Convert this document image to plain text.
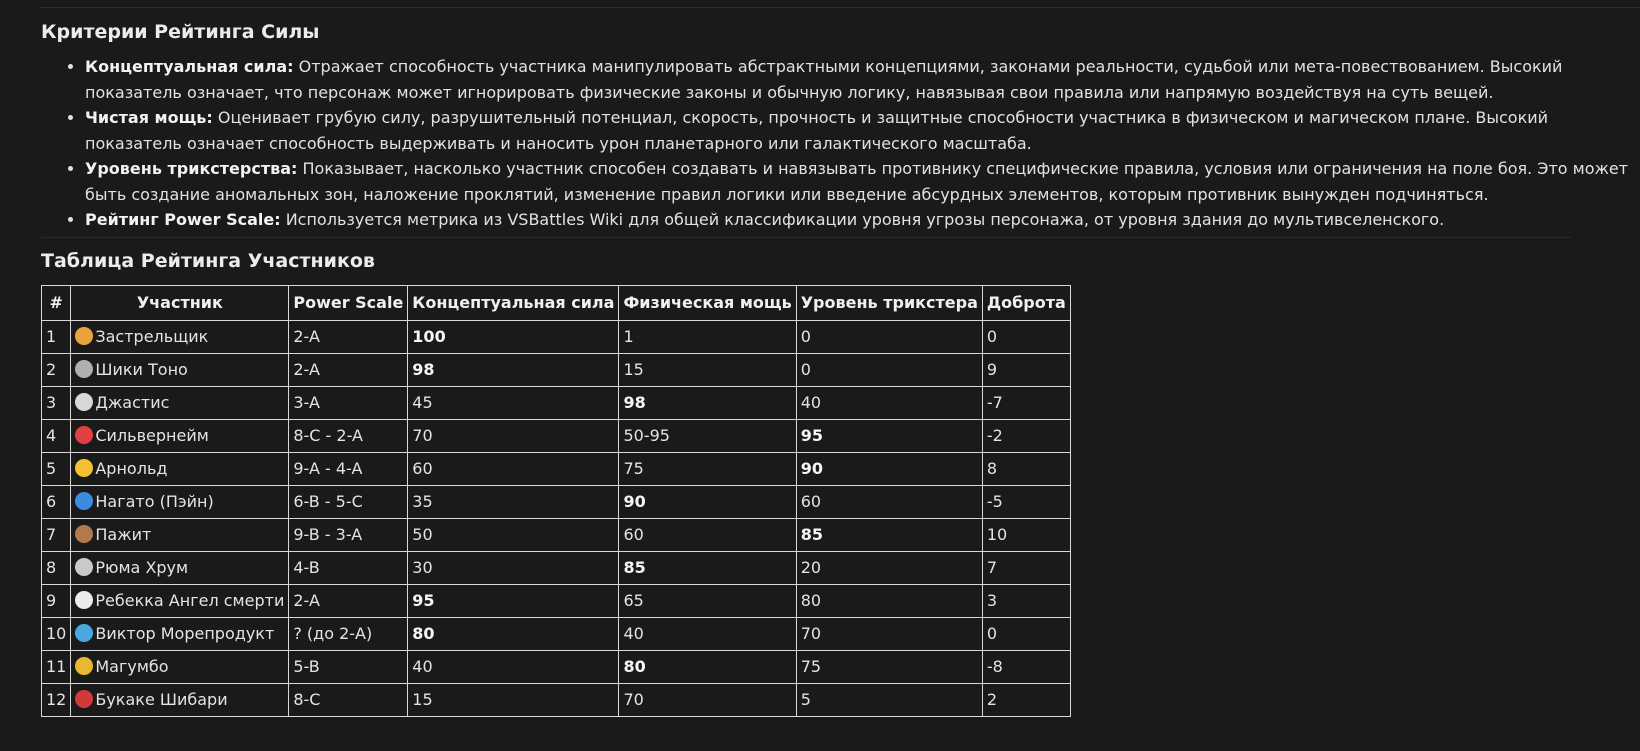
Критерии Рейтинга Силы
• Концептуальная сила: Отражает способность участника манипулировать абстрактными концепциями, законами реальности, судьбой или мета-повествованием. Высокий показатель означает, что персонаж может игнорировать физические законы и обычную логику, навязывая свои правила или напрямую воздействуя на суть вещей.
• Чистая мощь: Оценивает грубую силу, разрушительный потенциал, скорость, прочность и защитные способности участника в физическом и магическом плане. Высокий показатель означает способность выдерживать и наносить урон планетарного или галактического масштаба.
• Уровень трикстерства: Показывает, насколько участник способен создавать и навязывать противнику специфические правила, условия или ограничения на поле боя. Это может быть создание аномальных зон, наложение проклятий, изменение правил логики или введение абсурдных элементов, которым противник вынужден подчиняться.
• Рейтинг Power Scale: Используется метрика из VSBattles Wiki для общей классификации уровня угрозы персонажа, от уровня здания до мультивселенского.
Таблица Рейтинга Участников
#	Участник	Power Scale	Концептуальная сила	Физическая мощь	Уровень трикстера	Доброта
1	Застрельщик	2-A	100	1	0	0
2	Шики Тоно	2-A	98	15	0	9
3	Джастис	3-A	45	98	40	-7
4	Сильвернейм	8-C - 2-A	70	50-95	95	-2
5	Арнольд	9-A - 4-A	60	75	90	8
6	Нагато (Пэйн)	6-B - 5-C	35	90	60	-5
7	Пажит	9-B - 3-A	50	60	85	10
8	Рюма Хрум	4-B	30	85	20	7
9	Ребекка Ангел смерти	2-A	95	65	80	3
10	Виктор Морепродукт	? (до 2-A)	80	40	70	0
11	Магумбо	5-B	40	80	75	-8
12	Букаке Шибари	8-C	15	70	5	2
